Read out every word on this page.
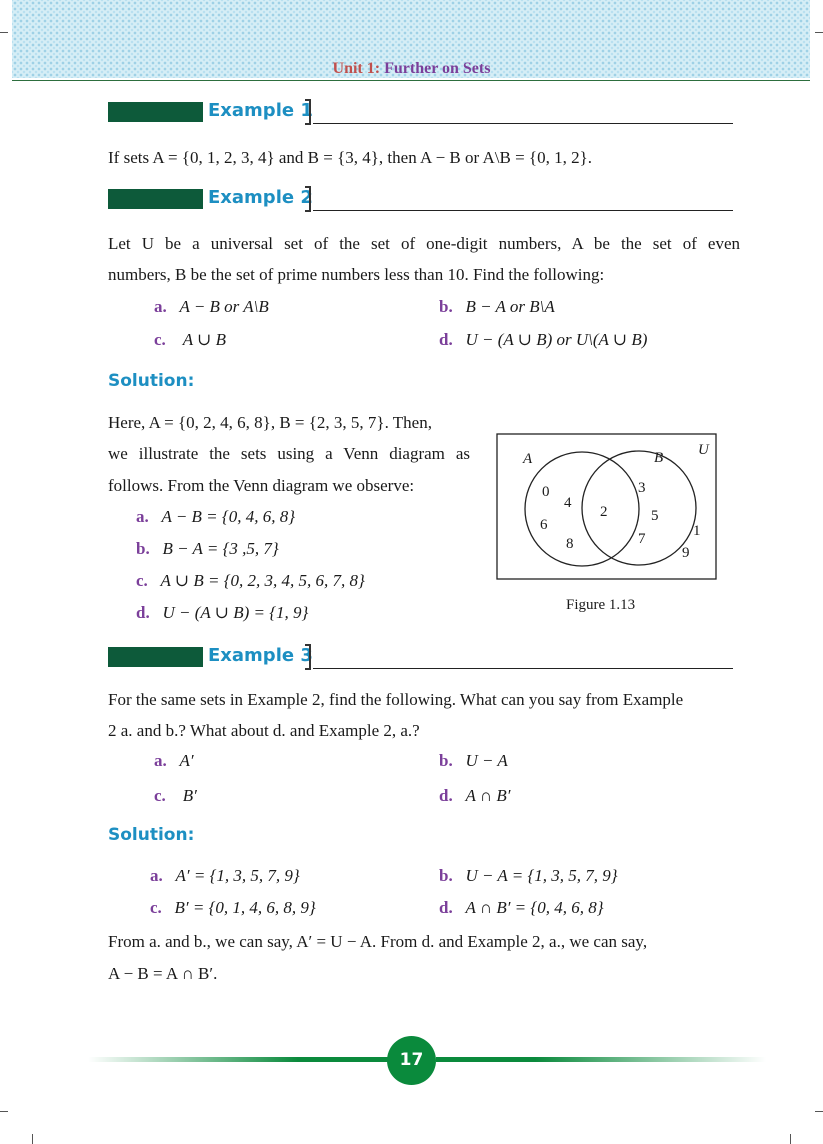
Unit 1: Further on Sets
Example 1
If sets A = {0, 1, 2, 3, 4} and B = {3, 4}, then A − B or A\B = {0, 1, 2}.
Example 2
Let U be a universal set of the set of one-digit numbers, A be the set of even
numbers, B be the set of prime numbers less than 10. Find the following:
a. A − B or A\B	b. B − A or B\A
c. A ∪ B	d. U − (A ∪ B) or U\(A ∪ B)
Solution:
Here, A = {0, 2, 4, 6, 8}, B = {2, 3, 5, 7}. Then,
we illustrate the sets using a Venn diagram as
follows. From the Venn diagram we observe:
a. A − B = {0, 4, 6, 8}
b. B − A = {3 ,5, 7}
c. A ∪ B = {0, 2, 3, 4, 5, 6, 7, 8}
d. U − (A ∪ B) = {1, 9}
A	B U
0
4
6
8
2
3
5
7	1
9
Figure 1.13
Example 3
For the same sets in Example 2, find the following. What can you say from Example
2 a. and b.? What about d. and Example 2, a.?
a. A′	b. U − A
c. B′	d. A ∩ B′
Solution:
a. A′ = {1, 3, 5, 7, 9}	b. U − A = {1, 3, 5, 7, 9}
c. B′ = {0, 1, 4, 6, 8, 9}	d. A ∩ B′ = {0, 4, 6, 8}
From a. and b., we can say, A′ = U − A. From d. and Example 2, a., we can say,
A − B = A ∩ B′.
17
